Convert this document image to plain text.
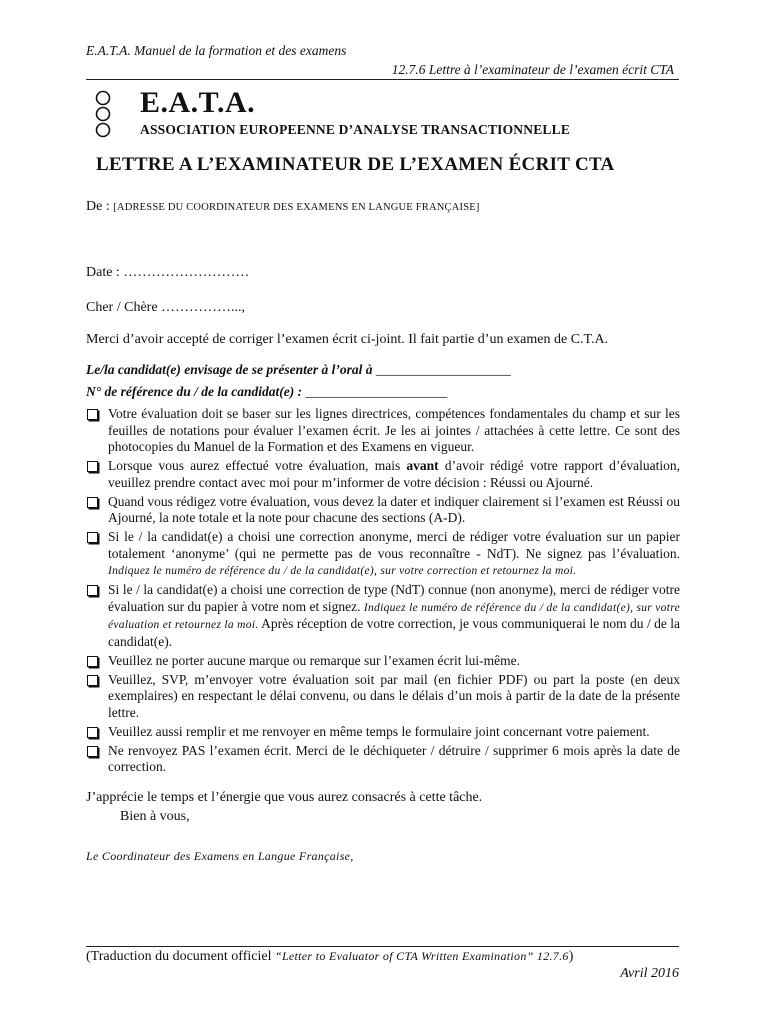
E.A.T.A. Manuel de la formation et des examens
12.7.6 Lettre à l’examinateur de l’examen écrit CTA
E.A.T.A.
ASSOCIATION EUROPEENNE D’ANALYSE TRANSACTIONNELLE
LETTRE A L’EXAMINATEUR DE L’EXAMEN ÉCRIT CTA
De : [ADRESSE DU COORDINATEUR DES EXAMENS EN LANGUE FRANÇAISE]
Date : ………………………
Cher / Chère ……………...,
Merci d’avoir accepté de corriger l’examen écrit ci-joint. Il fait partie d’un examen de C.T.A.
Le/la candidat(e) envisage de se présenter à l’oral à ____________________
N° de référence du / de la candidat(e) : _____________________
Votre évaluation doit se baser sur les lignes directrices, compétences fondamentales du champ et sur les feuilles de notations pour évaluer l’examen écrit. Je les ai jointes / attachées à cette lettre. Ce sont des photocopies du Manuel de la Formation et des Examens en vigueur.
Lorsque vous aurez effectué votre évaluation, mais avant d’avoir rédigé votre rapport d’évaluation, veuillez prendre contact avec moi pour m’informer de votre décision : Réussi ou Ajourné.
Quand vous rédigez votre évaluation, vous devez la dater et indiquer clairement si l’examen est Réussi ou Ajourné, la note totale et la note pour chacune des sections (A-D).
Si le / la candidat(e) a choisi une correction anonyme, merci de rédiger votre évaluation sur un papier totalement ‘anonyme’ (qui ne permette pas de vous reconnaître - NdT). Ne signez pas l’évaluation. Indiquez le numéro de référence du / de la candidat(e), sur votre correction et retournez la moi.
Si le / la candidat(e) a choisi une correction de type (NdT) connue (non anonyme), merci de rédiger votre évaluation sur du papier à votre nom et signez. Indiquez le numéro de référence du / de la candidat(e), sur votre évaluation et retournez la moi. Après réception de votre correction, je vous communiquerai le nom du / de la candidat(e).
Veuillez ne porter aucune marque ou remarque sur l’examen écrit lui-même.
Veuillez, SVP, m’envoyer votre évaluation soit par mail (en fichier PDF) ou part la poste (en deux exemplaires) en respectant le délai convenu, ou dans le délais d’un mois à partir de la date de la présente lettre.
Veuillez aussi remplir et me renvoyer en même temps le formulaire joint concernant votre paiement.
Ne renvoyez PAS l’examen écrit. Merci de le déchiqueter / détruire / supprimer 6 mois après la date de correction.
J’apprécie le temps et l’énergie que vous aurez consacrés à cette tâche.
Bien à vous,
Le Coordinateur des Examens en Langue Française,
(Traduction du document officiel “Letter to Evaluator of CTA Written Examination” 12.7.6)
Avril 2016
